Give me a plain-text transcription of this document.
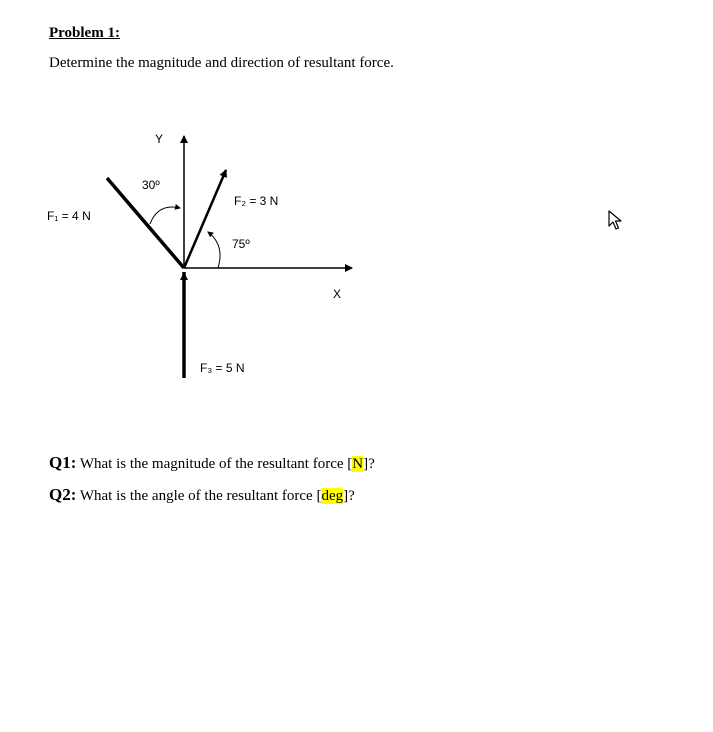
Problem 1:
Determine the magnitude and direction of resultant force.
Y
X
F₁ = 4 N
F₂ = 3 N
F₃ = 5 N
30º
75º
Q1: What is the magnitude of the resultant force [N]?
Q2: What is the angle of the resultant force [deg]?
